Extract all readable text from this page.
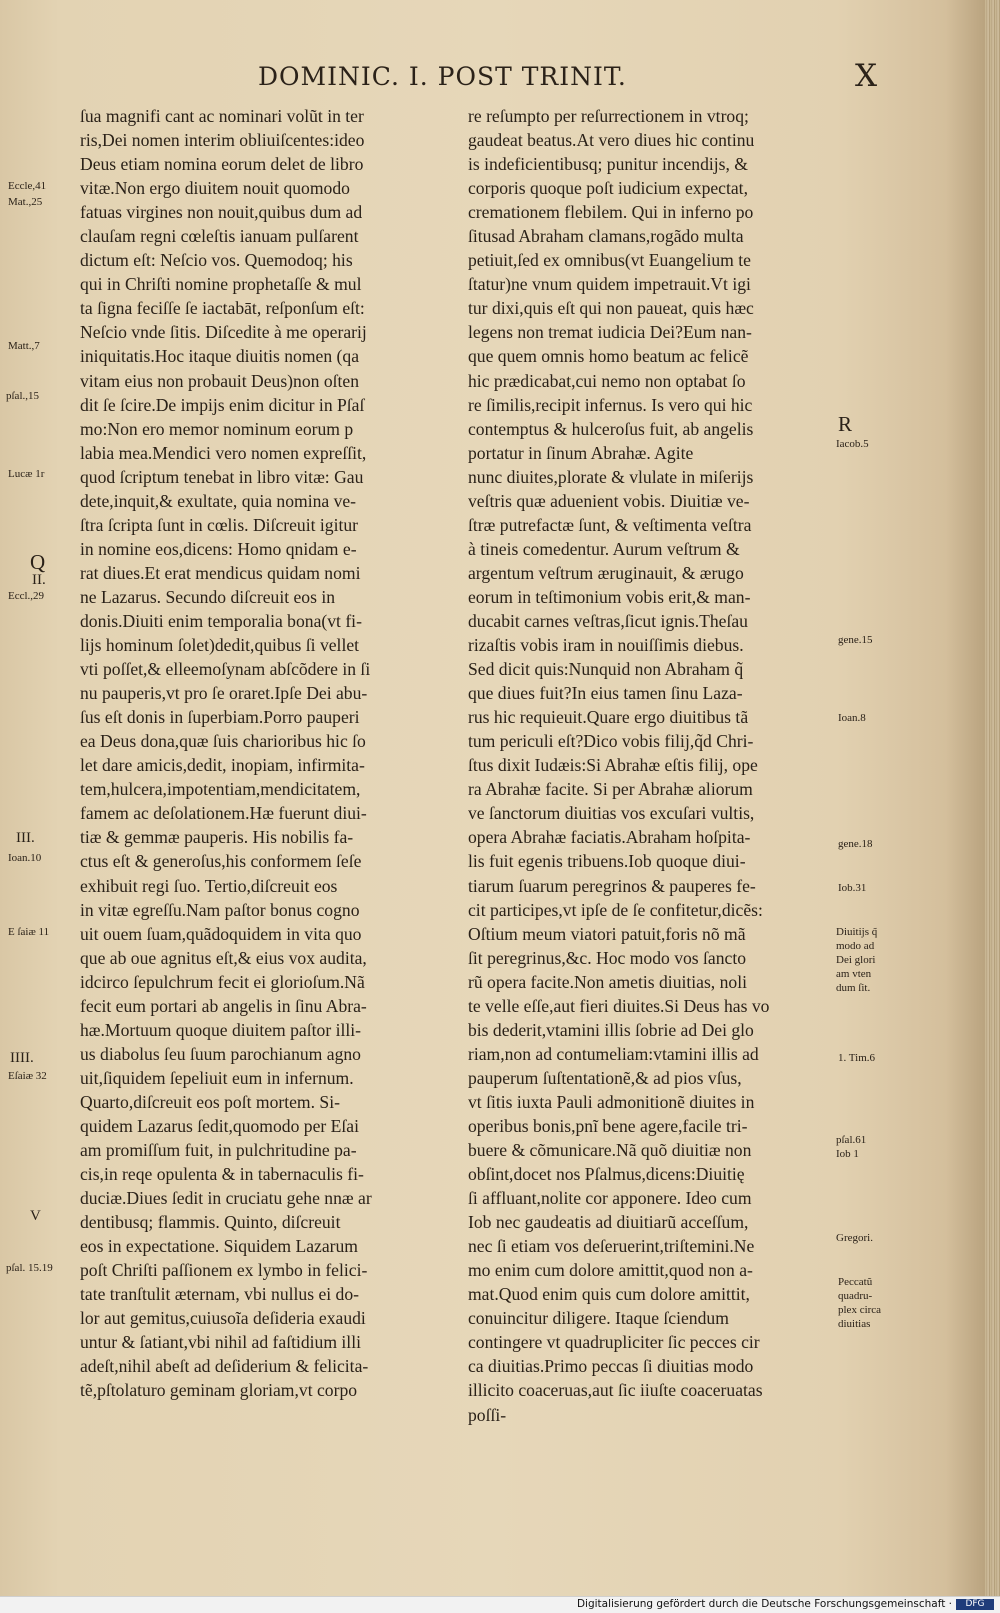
DOMINIC. I. POST TRINIT.	X
ſua magnifi cant ac nominari volũt in ter
ris,Dei nomen interim obliuiſcentes:ideo
Deus etiam nomina eorum delet de libro
vitæ.Non ergo diuitem nouit quomodo
fatuas virgines non nouit,quibus dum ad
clauſam regni cœleſtis ianuam pulſarent
dictum eſt: Neſcio vos. Quemodoq; his
qui in Chriſti nomine prophetaſſe & mul
ta ſigna feciſſe ſe iactabāt, reſponſum eſt:
Neſcio vnde ſitis. Diſcedite à me operarij
iniquitatis.Hoc itaque diuitis nomen (qa
vitam eius non probauit Deus)non oſten
dit ſe ſcire.De impijs enim dicitur in Pſaſ
mo:Non ero memor nominum eorum p
labia mea.Mendici vero nomen expreſſit,
quod ſcriptum tenebat in libro vitæ: Gau
dete,inquit,& exultate, quia nomina ve-
ſtra ſcripta ſunt in cœlis. Diſcreuit igitur
in nomine eos,dicens: Homo qnidam e-
rat diues.Et erat mendicus quidam nomi
ne Lazarus. Secundo diſcreuit eos in
donis.Diuiti enim temporalia bona(vt fi-
lijs hominum ſolet)dedit,quibus ſi vellet
vti poſſet,& elleemoſynam abſcõdere in ſi
nu pauperis,vt pro ſe oraret.Ipſe Dei abu-
ſus eſt donis in ſuperbiam.Porro pauperi
ea Deus dona,quæ ſuis charioribus hic ſo
let dare amicis,dedit, inopiam, infirmita-
tem,hulcera,impotentiam,mendicitatem,
famem ac deſolationem.Hæ fuerunt diui-
tiæ & gemmæ pauperis. His nobilis fa-
ctus eſt & generoſus,his conformem ſeſe
exhibuit regi ſuo. Tertio,diſcreuit eos
in vitæ egreſſu.Nam paſtor bonus cogno
uit ouem ſuam,quãdoquidem in vita quo
que ab oue agnitus eſt,& eius vox audita,
idcirco ſepulchrum fecit ei glorioſum.Nã
fecit eum portari ab angelis in ſinu Abra-
hæ.Mortuum quoque diuitem paſtor illi-
us diabolus ſeu ſuum parochianum agno
uit,ſiquidem ſepeliuit eum in infernum.
Quarto,diſcreuit eos poſt mortem. Si-
quidem Lazarus ſedit,quomodo per Eſai
am promiſſum fuit, in pulchritudine pa-
cis,in reqe opulenta & in tabernaculis fi-
duciæ.Diues ſedit in cruciatu gehe nnæ ar
dentibusq; flammis. Quinto, diſcreuit
eos in expectatione. Siquidem Lazarum
poſt Chriſti paſſionem ex lymbo in felici-
tate tranſtulit æternam, vbi nullus ei do-
lor aut gemitus,cuiusoĩa deſideria exaudi
untur & ſatiant,vbi nihil ad faſtidium illi
adeſt,nihil abeſt ad deſiderium & felicita-
tẽ,pſtolaturo geminam gloriam,vt corpo
re reſumpto per reſurrectionem in vtroq;
gaudeat beatus.At vero diues hic continu
is indeficientibusq; punitur incendijs, &
corporis quoque poſt iudicium expectat,
cremationem flebilem. Qui in inferno po
ſitusad Abraham clamans,rogãdo multa
petiuit,ſed ex omnibus(vt Euangelium te
ſtatur)ne vnum quidem impetrauit.Vt igi
tur dixi,quis eſt qui non paueat, quis hæc
legens non tremat iudicia Dei?Eum nan-
que quem omnis homo beatum ac felicẽ
hic prædicabat,cui nemo non optabat ſo
re ſimilis,recipit infernus. Is vero qui hic
contemptus & hulceroſus fuit, ab angelis
portatur in ſinum Abrahæ. Agite
nunc diuites,plorate & vlulate in miſerijs
veſtris quæ aduenient vobis. Diuitiæ ve-
ſtræ putrefactæ ſunt, & veſtimenta veſtra
à tineis comedentur. Aurum veſtrum &
argentum veſtrum æruginauit, & ærugo
eorum in teſtimonium vobis erit,& man-
ducabit carnes veſtras,ſicut ignis.Theſau
rizaſtis vobis iram in nouiſſimis diebus.
Sed dicit quis:Nunquid non Abraham q̃
que diues fuit?In eius tamen ſinu Laza-
rus hic requieuit.Quare ergo diuitibus tã
tum periculi eſt?Dico vobis filij,q̃d Chri-
ſtus dixit Iudæis:Si Abrahæ eſtis filij, ope
ra Abrahæ facite. Si per Abrahæ aliorum
ve ſanctorum diuitias vos excuſari vultis,
opera Abrahæ faciatis.Abraham hoſpita-
lis fuit egenis tribuens.Iob quoque diui-
tiarum ſuarum peregrinos & pauperes fe-
cit participes,vt ipſe de ſe confitetur,dicẽs:
Oſtium meum viatori patuit,foris nõ mã
ſit peregrinus,&c. Hoc modo vos ſancto
rũ opera facite.Non ametis diuitias, noli
te velle eſſe,aut fieri diuites.Si Deus has vo
bis dederit,vtamini illis ſobrie ad Dei glo
riam,non ad contumeliam:vtamini illis ad
pauperum ſuſtentationẽ,& ad pios vſus,
vt ſitis iuxta Pauli admonitionẽ diuites in
operibus bonis,pnĩ bene agere,facile tri-
buere & cõmunicare.Nã quõ diuitiæ non
obſint,docet nos Pſalmus,dicens:Diuitię
ſi affluant,nolite cor apponere. Ideo cum
Iob nec gaudeatis ad diuitiarũ acceſſum,
nec ſi etiam vos deſeruerint,triſtemini.Ne
mo enim cum dolore amittit,quod non a-
mat.Quod enim quis cum dolore amittit,
conuincitur diligere. Itaque ſciendum
contingere vt quadrupliciter ſic pecces cir
ca diuitias.Primo peccas ſi diuitias modo
illicito coaceruas,aut ſic iiuſte coaceruatas
poſſi-
Eccle,41
Mat.,25
Matt.,7
pſal.,15
Lucæ 1r
Q
II.
Eccl.,29
III.
Ioan.10
E ſaiæ 11
IIII.
Eſaiæ 32
V
pſal. 15.19
R
Iacob.5
gene.15
Ioan.8
gene.18
Iob.31
Diuitijs q̃
modo ad
Dei glori
am vten
dum ſit.
1. Tim.6
pſal.61
Iob 1
Gregori.
Peccatũ
quadru-
plex circa
diuitias
Digitalisierung gefördert durch die Deutsche Forschungsgemeinschaft ·	DFG
